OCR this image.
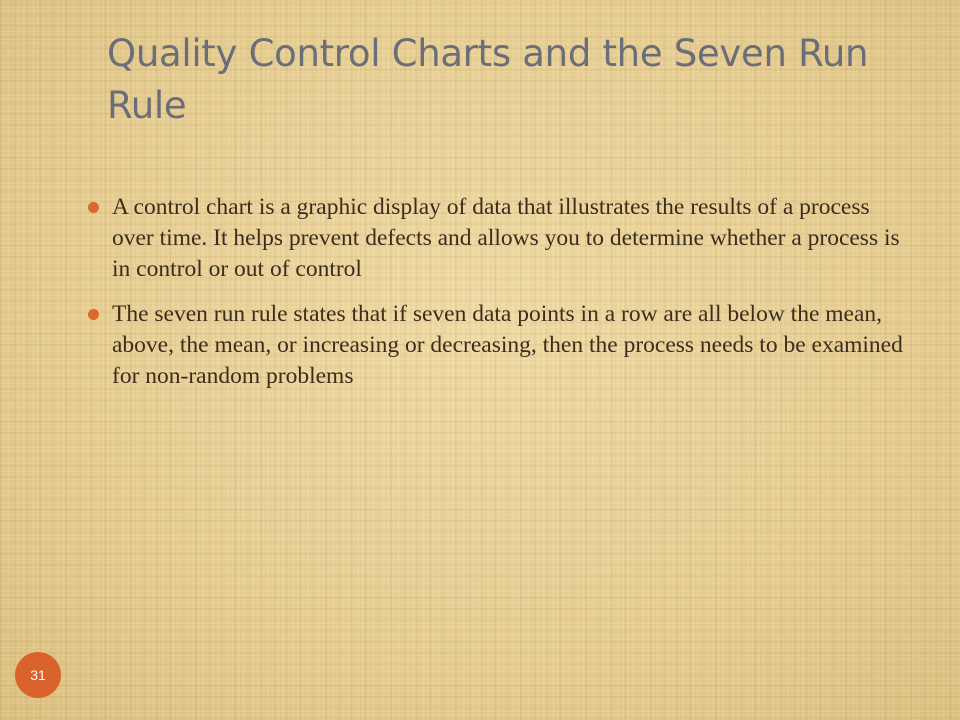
Quality Control Charts and the Seven Run Rule
A control chart is a graphic display of data that illustrates the results of a process over time. It helps prevent defects and allows you to determine whether a process is in control or out of control
The seven run rule states that if seven data points in a row are all below the mean, above, the mean, or increasing or decreasing, then the process needs to be examined for non-random problems
31
